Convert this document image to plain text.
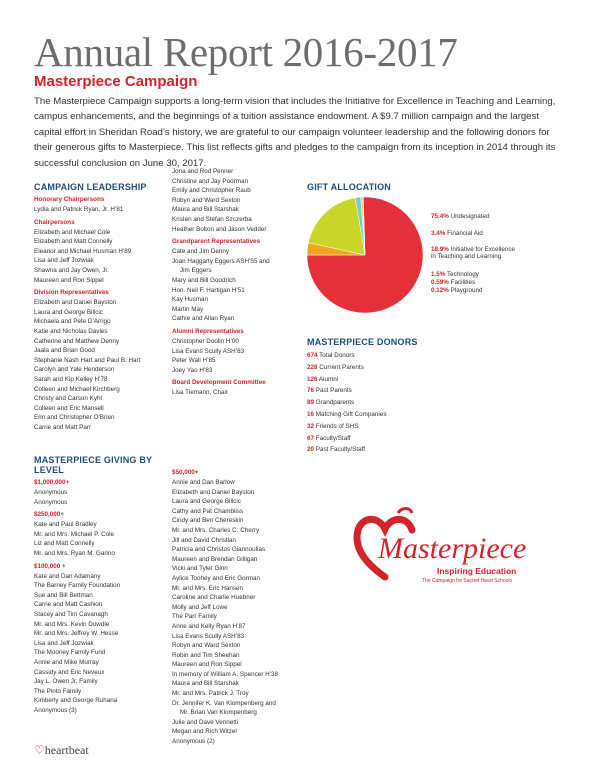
Annual Report 2016-2017
Masterpiece Campaign

The Masterpiece Campaign supports a long-term vision that includes the Initiative for Excellence in Teaching and Learning, campus enhancements, and the beginnings of a tuition assistance endowment. A $9.7 million campaign and the largest capital effort in Sheridan Road’s history, we are grateful to our campaign volunteer leadership and the following donors for their generous gifts to Masterpiece. This list reflects gifts and pledges to the campaign from its inception in 2014 through its successful conclusion on June 30, 2017.

CAMPAIGN LEADERSHIP
Honorary Chairpersons
Lydia and Patrick Ryan, Jr. H’81
Chairpersons
Elizabeth and Michael Cole
Elizabeth and Matt Connelly
Eleanor and Michael Husman H’89
Lisa and Jeff Jozwiak
Shawna and Jay Owen, Jr.
Maureen and Ron Sippel
Division Representatives
Elizabeth and Daniel Bayston
Laura and George Billcic
Michaela and Pete D’Arrigo
Katie and Nicholas Davies
Catherine and Matthew Denny
Jaala and Brian Good
Stephanie Nash Hart and Paul B. Hart
Carolyn and Yale Henderson
Sarah and Kip Kelley H’78
Colleen and Michael Kirchberg
Christy and Carson Kyhl
Colleen and Eric Mansell
Erin and Christopher O’Brien
Carrie and Matt Parr
Jona and Rod Penner
Christine and Jay Poorman
Emily and Christopher Raub
Robyn and Ward Sexton
Maura and Bill Starshak
Kristen and Stefan Szczerba
Heather Bolton and Jason Vedder
Grandparent Representatives
Cate and Jim Denny
Joan Haggarty Eggers ASH’55 and
Jim Eggers
Mary and Bill Goodrich
Hon. Neil F. Hartigan H’51
Kay Husman
Martin May
Cathie and Allan Ryan
Alumni Representatives
Christopher Doolin H’00
Lisa Evans Scully ASH’83
Peter Wall H’85
Joey Yao H’83
Board Development Committee
Lisa Tiemann, Chair
MASTERPIECE GIVING BY LEVEL
$1,000,000+
Anonymous
Anonymous
$250,000+
Kate and Paul Bradley
Mr. and Mrs. Michael P. Cole
Liz and Matt Connelly
Mr. and Mrs. Ryan M. Garino
$100,000 +
Kate and Dan Adamany
The Barney Family Foundation
Sue and Bill Bettman
Carrie and Matt Cashion
Stacey and Tim Cavanagh
Mr. and Mrs. Kevin Dowdle
Mr. and Mrs. Jeffrey W. Hesse
Lisa and Jeff Jozwiak
The Mooney Family Fund
Annie and Mike Murray
Cassidy and Eric Neveux
Jay L. Owen Jr. Family
The Pinto Family
Kimberly and George Ruhana
Anonymous (3)
$50,000+
Annie and Dan Barlow
Elizabeth and Daniel Bayston
Laura and George Billcic
Cathy and Pat Chambliss
Cindy and Ben Chereskin
Mr. and Mrs. Charles C. Cherry
Jill and David Christian
Patricia and Christos Giannoulias
Maureen and Brendan Gilligan
Vicki and Tyler Ginn
Aylice Toohey and Eric Gorman
Mr. and Mrs. Eric Hansen
Caroline and Charlie Huebner
Molly and Jeff Lowe
The Parr Family
Anne and Kelly Ryan H’87
Lisa Evans Scully ASH’83
Robyn and Ward Sexton
Robin and Tim Sheehan
Maureen and Ron Sippel
In memory of William A. Spencer H’38
Maura and Bill Starshak
Mr. and Mrs. Patrick J. Troy
Dr. Jennifer K. Van Klompenberg and
Mr. Brian Van Klompenberg
Julie and Dave Vennetti
Megan and Rich Witzel
Anonymous (2)
GIFT ALLOCATION
75.4% Undesignated
3.4% Financial Aid
18.9% Initiative for Excellence
in Teaching and Learning
1.5% Technology
0.59% Facilities
0.12% Playground
MASTERPIECE DONORS
674 Total Donors
228 Current Parents
126 Alumni
76 Past Parents
89 Grandparents
16 Matching Gift Companies
32 Friends of SHS
67 Faculty/Staff
20 Past Faculty/Staff
Masterpiece
Inspiring Education
The Campaign for Sacred Heart Schools
♡heartbeat
